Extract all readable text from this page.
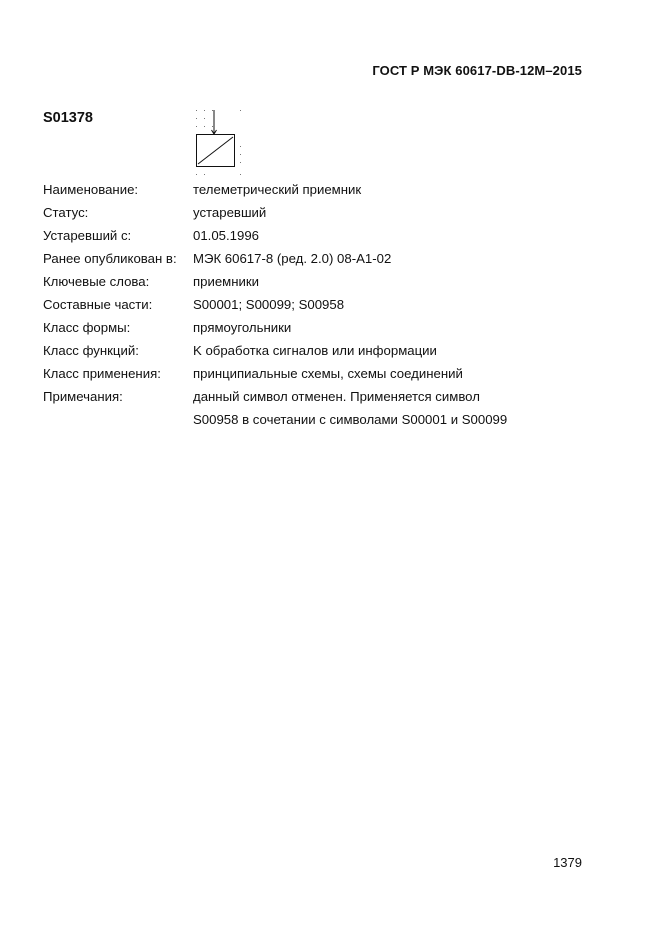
ГОСТ Р МЭК 60617-DB-12M–2015
S01378
Наименование:	телеметрический приемник
Статус:	устаревший
Устаревший с:	01.05.1996
Ранее опубликован в:	МЭК 60617-8 (ред. 2.0) 08-A1-02
Ключевые слова:	приемники
Составные части:	S00001; S00099; S00958
Класс формы:	прямоугольники
Класс функций:	K обработка сигналов или информации
Класс применения:	принципиальные схемы, схемы соединений
Примечания:	данный символ отменен. Применяется символ
S00958 в сочетании с символами S00001 и S00099
1379
